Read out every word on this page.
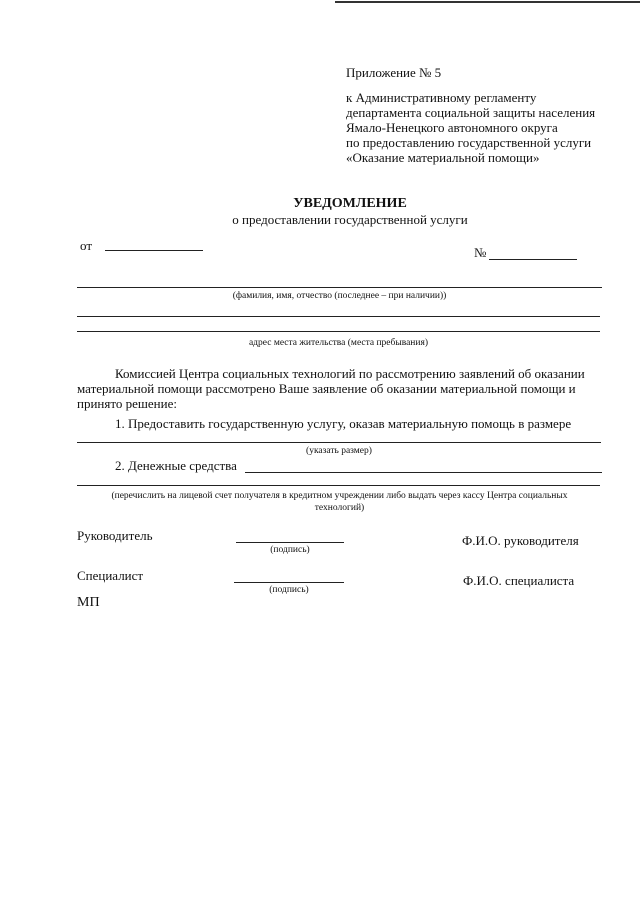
Приложение № 5
к Административному регламенту
департамента социальной защиты населения
Ямало-Ненецкого автономного округа
по предоставлению государственной услуги
«Оказание материальной помощи»
УВЕДОМЛЕНИЕ
о предоставлении государственной услуги
от	№
(фамилия, имя, отчество (последнее – при наличии))
адрес места жительства (места пребывания)
Комиссией Центра социальных технологий по рассмотрению заявлений об оказании
материальной помощи рассмотрено Ваше заявление об оказании материальной помощи и
принято решение:
1. Предоставить государственную услугу, оказав материальную помощь в размере
(указать размер)
2. Денежные средства
(перечислить на лицевой счет получателя в кредитном учреждении либо выдать через кассу Центра социальных
технологий)
Руководитель
(подпись)
Ф.И.О. руководителя
Специалист
(подпись)
Ф.И.О. специалиста
МП
